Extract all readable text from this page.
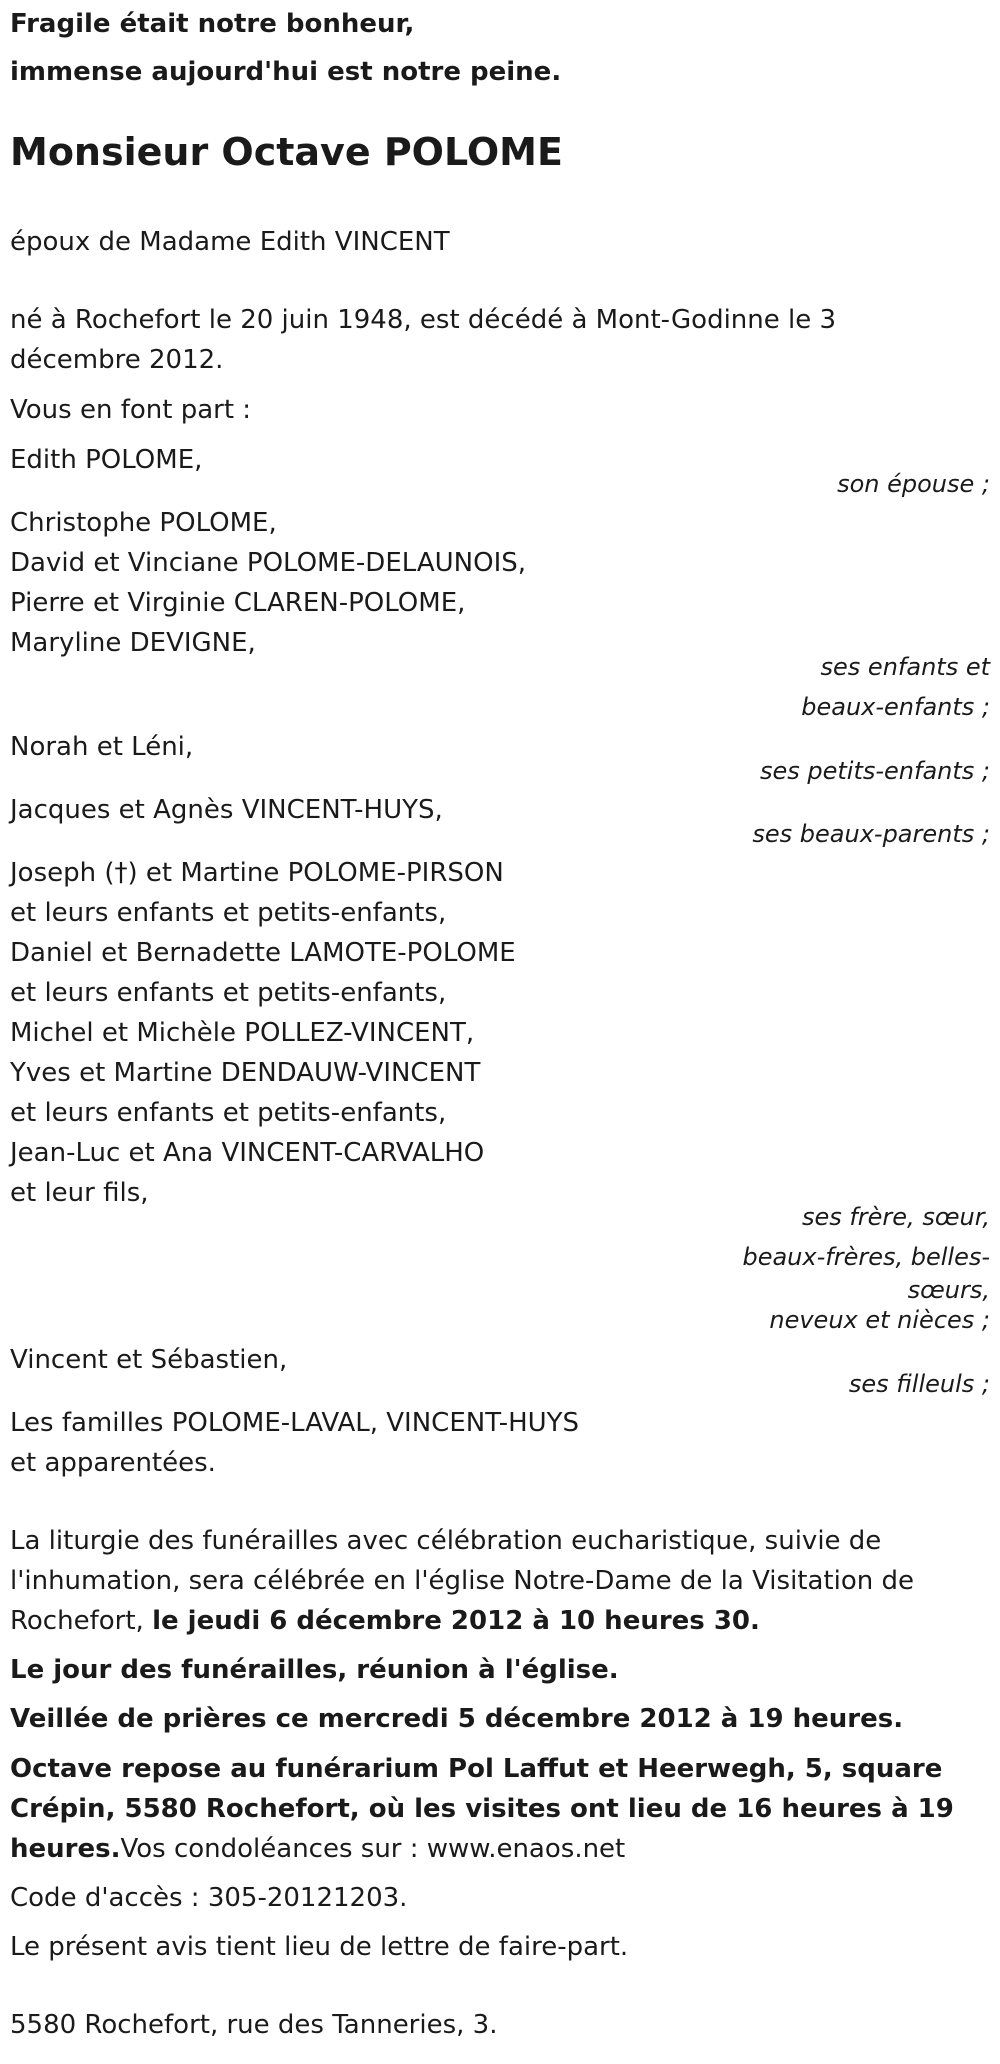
Fragile était notre bonheur,
immense aujourd'hui est notre peine.
Monsieur Octave POLOME
époux de Madame Edith VINCENT
né à Rochefort le 20 juin 1948, est décédé à Mont-Godinne le 3
décembre 2012.
Vous en font part :
Edith POLOME,
son épouse ;
Christophe POLOME,
David et Vinciane POLOME-DELAUNOIS,
Pierre et Virginie CLAREN-POLOME,
Maryline DEVIGNE,
ses enfants et
beaux-enfants ;
Norah et Léni,
ses petits-enfants ;
Jacques et Agnès VINCENT-HUYS,
ses beaux-parents ;
Joseph (†) et Martine POLOME-PIRSON
et leurs enfants et petits-enfants,
Daniel et Bernadette LAMOTE-POLOME
et leurs enfants et petits-enfants,
Michel et Michèle POLLEZ-VINCENT,
Yves et Martine DENDAUW-VINCENT
et leurs enfants et petits-enfants,
Jean-Luc et Ana VINCENT-CARVALHO
et leur fils,
ses frère, sœur,
beaux-frères, belles-
sœurs,
neveux et nièces ;
Vincent et Sébastien,
ses filleuls ;
Les familles POLOME-LAVAL, VINCENT-HUYS
et apparentées.
La liturgie des funérailles avec célébration eucharistique, suivie de
l'inhumation, sera célébrée en l'église Notre-Dame de la Visitation de
Rochefort, le jeudi 6 décembre 2012 à 10 heures 30.
Le jour des funérailles, réunion à l'église.
Veillée de prières ce mercredi 5 décembre 2012 à 19 heures.
Octave repose au funérarium Pol Laffut et Heerwegh, 5, square
Crépin, 5580 Rochefort, où les visites ont lieu de 16 heures à 19
heures.Vos condoléances sur : www.enaos.net
Code d'accès : 305-20121203.
Le présent avis tient lieu de lettre de faire-part.
5580 Rochefort, rue des Tanneries, 3.
